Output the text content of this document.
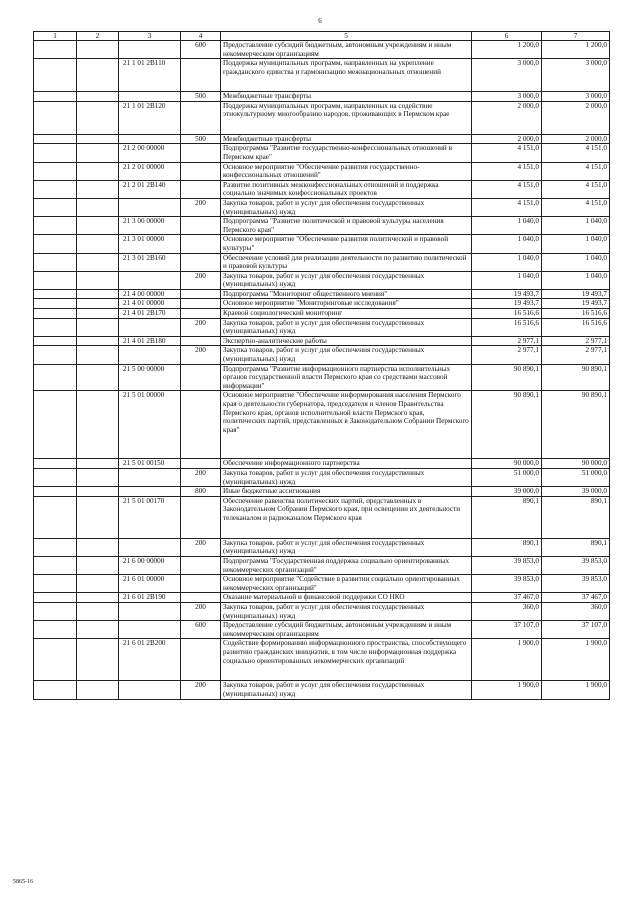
6
1	2	3	4	5	6	7
			600	Предоставление субсидий бюджетным, автономным учреждениям и иным некоммерческим организациям	1 200,0	1 200,0
		21 1 01 2В110		Поддержка муниципальных программ, направленных на укрепление гражданского единства и гармонизацию межнациональных отношений	3 000,0	3 000,0
			500	Межбюджетные трансферты	3 000,0	3 000,0
		21 1 01 2В120		Поддержка муниципальных программ, направленных на содействие этнокультурному многообразию народов, проживающих в Пермском крае	2 000,0	2 000,0
			500	Межбюджетные трансферты	2 000,0	2 000,0
		21 2 00 00000		Подпрограмма "Развитие государственно-конфессиональных отношений в Пермском крае"	4 151,0	4 151,0
		21 2 01 00000		Основное мероприятие "Обеспечение развития государственно-конфессиональных отношений"	4 151,0	4 151,0
		21 2 01 2В140		Развитие позитивных межконфессиональных отношений и поддержка социально значимых конфессиональных проектов	4 151,0	4 151,0
			200	Закупка товаров, работ и услуг для обеспечения государственных (муниципальных) нужд	4 151,0	4 151,0
		21 3 00 00000		Подпрограмма "Развитие политической и правовой культуры населения Пермского края"	1 040,0	1 040,0
		21 3 01 00000		Основное мероприятие "Обеспечение развития политической и правовой культуры"	1 040,0	1 040,0
		21 3 01 2В160		Обеспечение условий для реализации деятельности по развитию политической и правовой культуры	1 040,0	1 040,0
			200	Закупка товаров, работ и услуг для обеспечения государственных (муниципальных) нужд	1 040,0	1 040,0
		21 4 00 00000		Подпрограмма "Мониторинг общественного мнения"	19 493,7	19 493,7
		21 4 01 00000		Основное мероприятие "Мониторинговые исследования"	19 493,7	19 493,7
		21 4 01 2В170		Краевой социологический мониторинг	16 516,6	16 516,6
			200	Закупка товаров, работ и услуг для обеспечения государственных (муниципальных) нужд	16 516,6	16 516,6
		21 4 01 2В180		Экспертно-аналитические работы	2 977,1	2 977,1
			200	Закупка товаров, работ и услуг для обеспечения государственных (муниципальных) нужд	2 977,1	2 977,1
		21 5 00 00000		Подпрограмма "Развитие информационного партнерства исполнительных органов государственной власти Пермского края со средствами массовой информации"	90 890,1	90 890,1
		21 5 01 00000		Основное мероприятие "Обеспечение информирования населения Пермского края о деятельности губернатора, председателя и членов Правительства Пермского края, органов исполнительной власти Пермского края, политических партий, представленных в Законодательном Собрании Пермского края"	90 890,1	90 890,1
		21 5 01 00150		Обеспечение информационного партнерства	90 000,0	90 000,0
			200	Закупка товаров, работ и услуг для обеспечения государственных (муниципальных) нужд	51 000,0	51 000,0
			800	Иные бюджетные ассигнования	39 000,0	39 000,0
		21 5 01 00170		Обеспечение равенства политических партий, представленных в Законодательном Собрании Пермского края, при освещении их деятельности телеканалом и радиоканалом Пермского края	890,1	890,1
			200	Закупка товаров, работ и услуг для обеспечения государственных (муниципальных) нужд	890,1	890,1
		21 6 00 00000		Подпрограмма "Государственная поддержка социально ориентированных некоммерческих организаций"	39 853,0	39 853,0
		21 6 01 00000		Основное мероприятие "Содействие в развитии социально ориентированных некоммерческих организаций"	39 853,0	39 853,0
		21 6 01 2В190		Оказание материальной и финансовой поддержки СО НКО	37 467,0	37 467,0
			200	Закупка товаров, работ и услуг для обеспечения государственных (муниципальных) нужд	360,0	360,0
			600	Предоставление субсидий бюджетным, автономным учреждениям и иным некоммерческим организациям	37 107,0	37 107,0
		21 6 01 2В200		Содействие формированию информационного пространства, способствующего развитию гражданских инициатив, в том числе информационная поддержка социально ориентированных некоммерческих организаций	1 900,0	1 900,0
			200	Закупка товаров, работ и услуг для обеспечения государственных (муниципальных) нужд	1 900,0	1 900,0
5865-16
